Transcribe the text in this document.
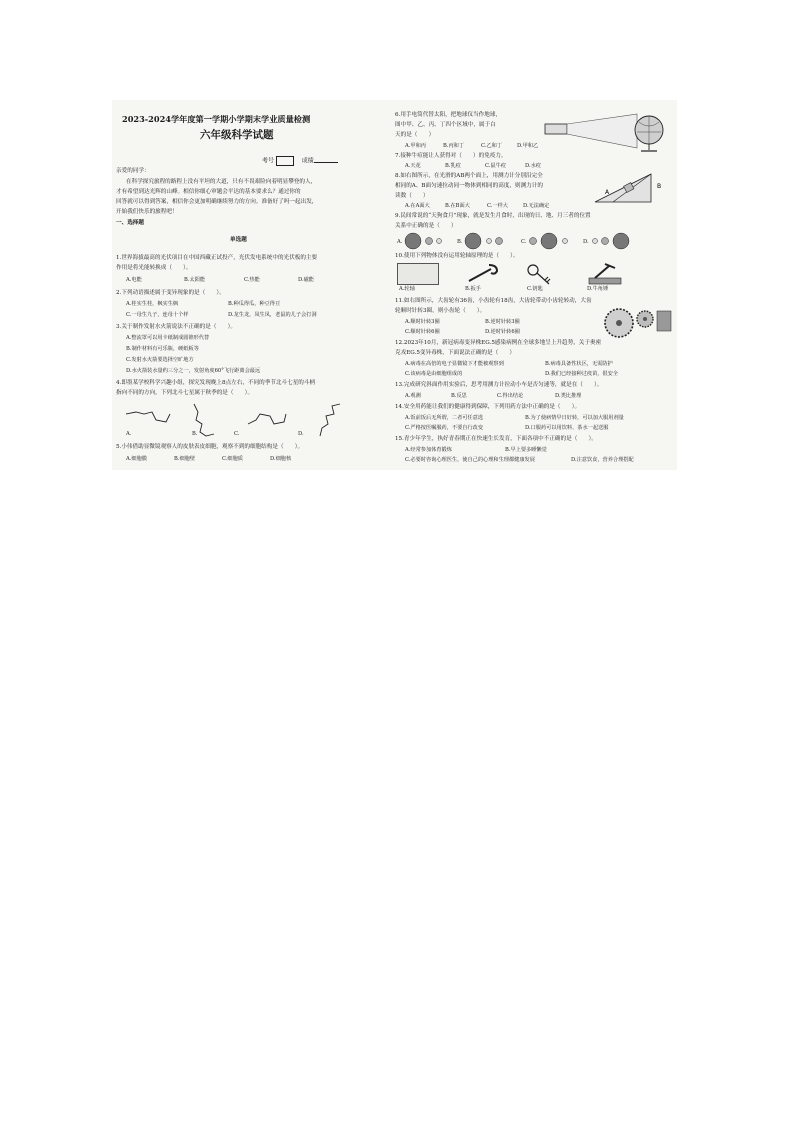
2023-2024学年度第一学期小学期末学业质量检测
六年级科学试题
考号	成绩
亲爱的同学：
在科学探究旅程的路程上没有平坦的大道，只有不畏艰险向着明显攀登的人，
才有希望到达光辉的山峰。相信你细心审题会平达的基本要求么？通过你的
回答就可以得到答案，相信你会更加明确继续努力的方向。准备好了吗一起出发，
开始我们快乐的旅程吧！
一、选择题
单选题
1.世界海拔最高的光伏项目在中国西藏正试投产，光伏发电系统中的光伏板的主要
作用是将光能转换成（　　）。
A.电能	B.太阳能	C.热能	D.磁能
2.下列动语描述属于变异现象的是（　　）。
A.桂实生桂，枫实生枫	B.种瓜得瓜，种豆得豆
C.一母生九子，连母十个样	D.龙生龙，凤生凤，老鼠的儿子会打洞
3.关于制作发射水火箭说法不正确的是（　　）。
A.整流罩可以用卡纸制成圆锥形代替
B.制作材料有可乐瓶，硬纸板等
C.发射水火箭要选择空旷地方
D.水火箭装水量约三分之一，发射角度60°飞行距离会最远
4.即墨某学校科学兴趣小组，探究发现晚上8点左右，不同的季节北斗七星的斗柄
指向不同的方向，下列北斗七星属于秋季的是（　　）。
A.	B.	C.	D.
5.小伟借助显微镜观察人的皮肤表皮细胞，观察不到的细胞结构是（　　）。
A.细胞膜	B.细胞壁	C.细胞质	D.细胞核
6.用手电筒代替太阳，把地球仪当作地球，
图中甲、乙、丙、丁四个区域中，属于白
天的是（　　）
A.甲和丙	B.丙和丁	C.乙和丁	D.甲和乙
7.接种牛痘能让人获得对（　　）的免疫力。
A.天花	B.乳痘	C.鼠牛痘	D.水痘
8.如右图所示，在光滑的AB两个面上，用测力计分别沿完全
相同的A、B面匀速拉动同一物体到相同的高度，则测力计的
读数（　　）	A
B
A.在A面大	B.在B面大	C.一样大	D.无法确定
9.民间常说的“天狗食月”现象，就是发生月食时，出现的日、地、月三者的位置
关系中正确的是（　　）
A.	B.	C.	D.
10.使用下列物体没有运用轮轴原理的是（　　）。
A.轮轴	B.扳手	C.钥匙	D.牛角锤
11.如右图所示，大齿轮有36齿，小齿轮有18齿，大齿轮带动小齿轮转动，大齿
轮顺时针转3圈，则小齿轮（　　）。
A.顺时针转3圈	B.逆时针转3圈
C.顺时针转6圈	D.逆时针转6圈
12.2023年10月，新冠病毒变异株EG.5感染病例在全球多地呈上升趋势，关于奥密
克戎EG.5变异毒株，下面说法正确的是（　　）
A.病毒在高倍的电子显微镜下才能被观察到	B.病毒具备性状区，无需防护
C.该病毒是由细胞组成的	D.我们已经接种过疫苗，很安全
13.完成研究斜面作用实验后，思考用测力计拉动小车是否匀速等，就是在（　　）。
A.观测	B.反思	C.得出结论	D.类比推理
14.安全用药能让我们的健康得到保障，下列用药方法中正确的是（　　）。
A.饭前饭后无所谓，二者可任意选	B.为了使病情早日好转，可以加大服用剂量
C.严格按医嘱服药，不要自行改变	D.口服药可以用饮料、茶水一起送服
15.青少年学生，执好青春期正在快速生长发育，下面各项中不正确的是（　　）。
A.经常参加体育锻炼	B.早上要多睡懒觉
C.必要时咨询心理医生，使自己的心理和生理都健康发展	D.注意饮食，营养合理搭配
